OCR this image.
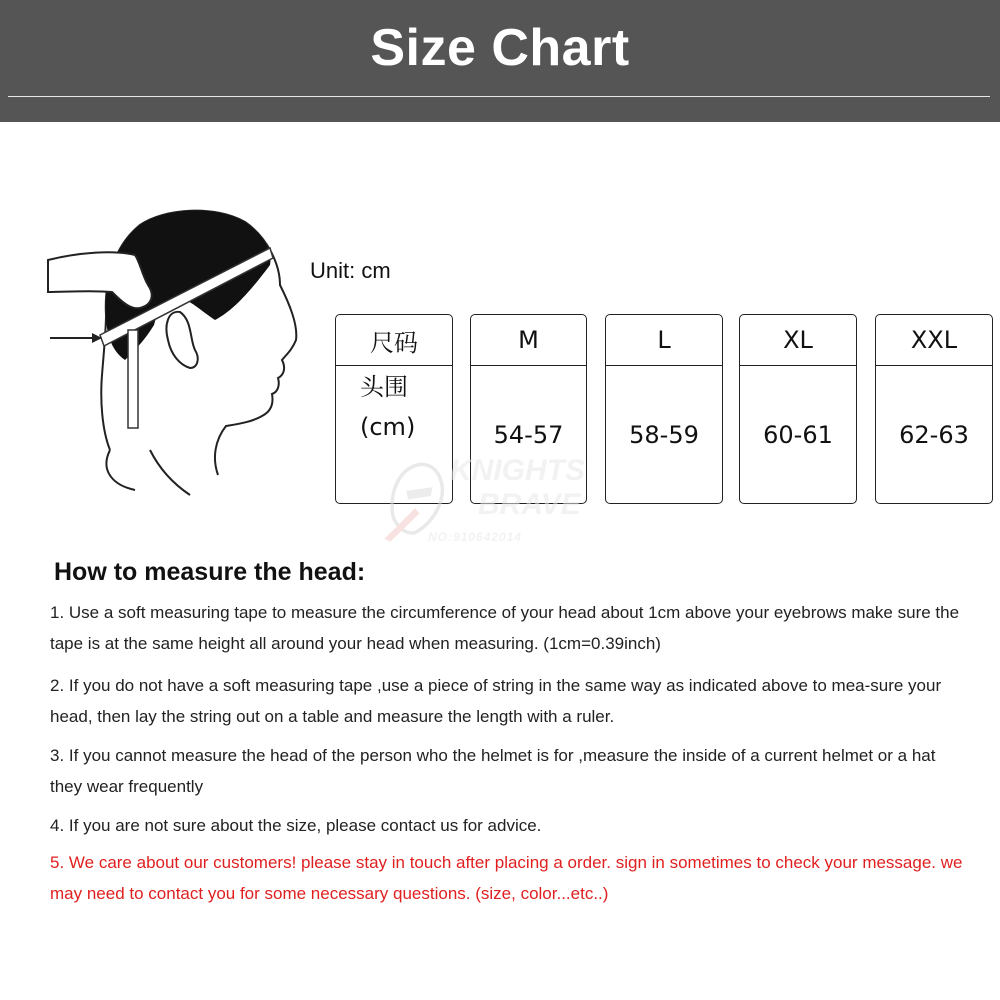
Size Chart
Unit: cm
尺码
头围
(cm)
M
54-57
L
58-59
XL
60-61
XXL
62-63
KNIGHTS
BRAVE
NO:910642014
How to measure the head:
1. Use a soft measuring tape to measure the circumference of your head about 1cm above your eyebrows make sure the tape is at the same height all around your head when measuring. (1cm=0.39inch)
2. If you do not have a soft measuring tape ,use a piece of string in the same way as indicated above to mea-sure your head, then lay the string out on a table and measure the length with a ruler.
3. If you cannot measure the head of the person who the helmet is for ,measure the inside of a current helmet or a hat they wear frequently
4. If you are not sure about the size, please contact us for advice.
5. We care about our customers! please stay in touch after placing a order. sign in sometimes to check your message. we may need to contact you for some necessary questions. (size, color...etc..)
